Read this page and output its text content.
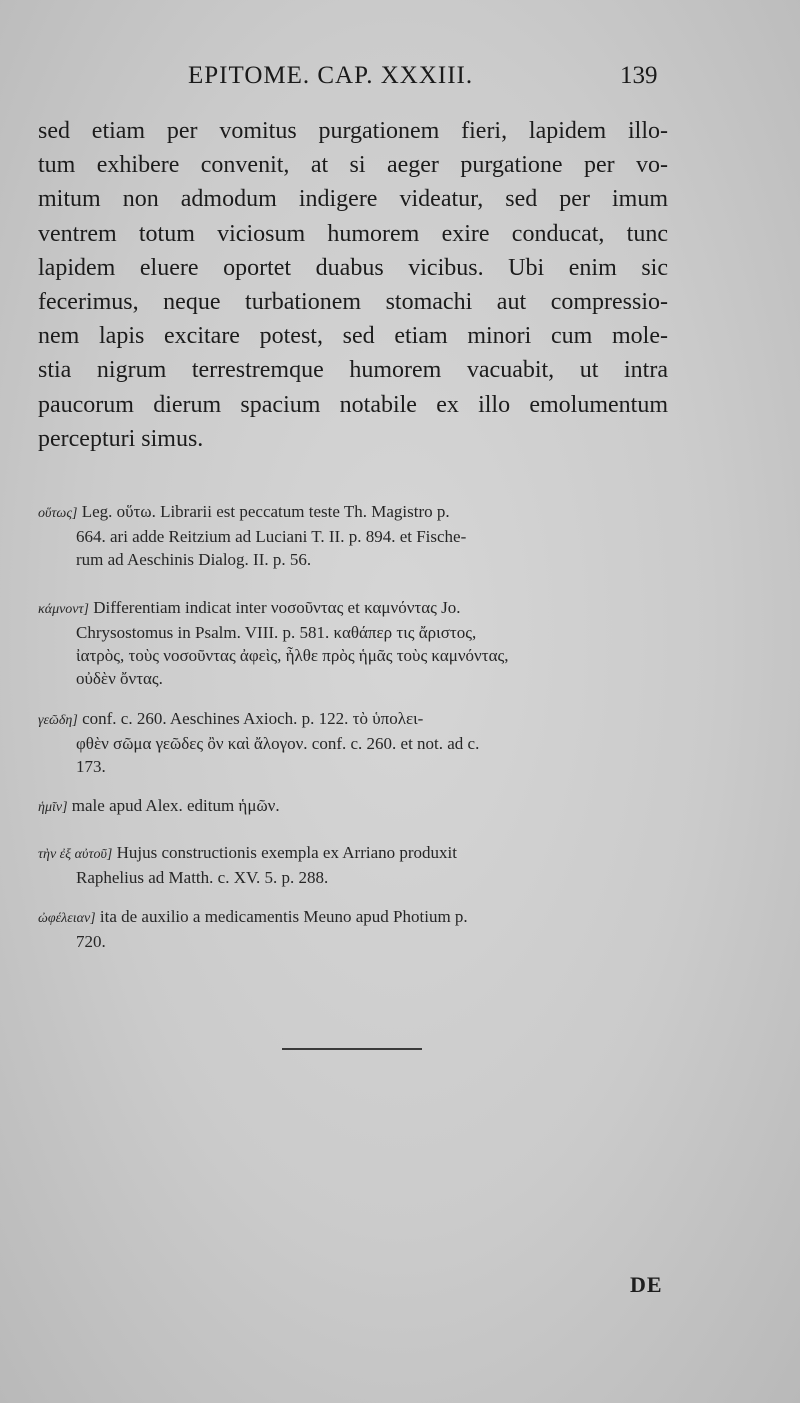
EPITOME. CAP. XXXIII.	139
sed etiam per vomitus purgationem fieri, lapidem illo-
tum exhibere convenit, at si aeger purgatione per vo-
mitum non admodum indigere videatur, sed per imum
ventrem totum viciosum humorem exire conducat, tunc
lapidem eluere oportet duabus vicibus. Ubi enim sic
fecerimus, neque turbationem stomachi aut compressio-
nem lapis excitare potest, sed etiam minori cum mole-
stia nigrum terrestremque humorem vacuabit, ut intra
paucorum dierum spacium notabile ex illo emolumentum
percepturi simus.
οὕτως] Leg. οὕτω. Librarii est peccatum teste Th. Magistro p.
664. ari adde Reitzium ad Luciani T. II. p. 894. et Fische-
rum ad Aeschinis Dialog. II. p. 56.
κάμνοντ] Differentiam indicat inter νοσοῦντας et καμνόντας Jo.
Chrysostomus in Psalm. VIII. p. 581. καθάπερ τις ἄριστος,
ἰατρὸς, τοὺς νοσοῦντας ἀφεὶς, ἦλθε πρὸς ἡμᾶς τοὺς καμνόντας,
οὐδὲν ὄντας.
γεῶδη] conf. c. 260. Aeschines Axioch. p. 122. τὸ ὑπολει-
φθὲν σῶμα γεῶδες ὂν καὶ ἄλογον. conf. c. 260. et not. ad c.
173.
ἡμῖν] male apud Alex. editum ἡμῶν.
τὴν ἐξ αὐτοῦ] Hujus constructionis exempla ex Arriano produxit
Raphelius ad Matth. c. XV. 5. p. 288.
ὠφέλειαν] ita de auxilio a medicamentis Meuno apud Photium p.
720.
DE
